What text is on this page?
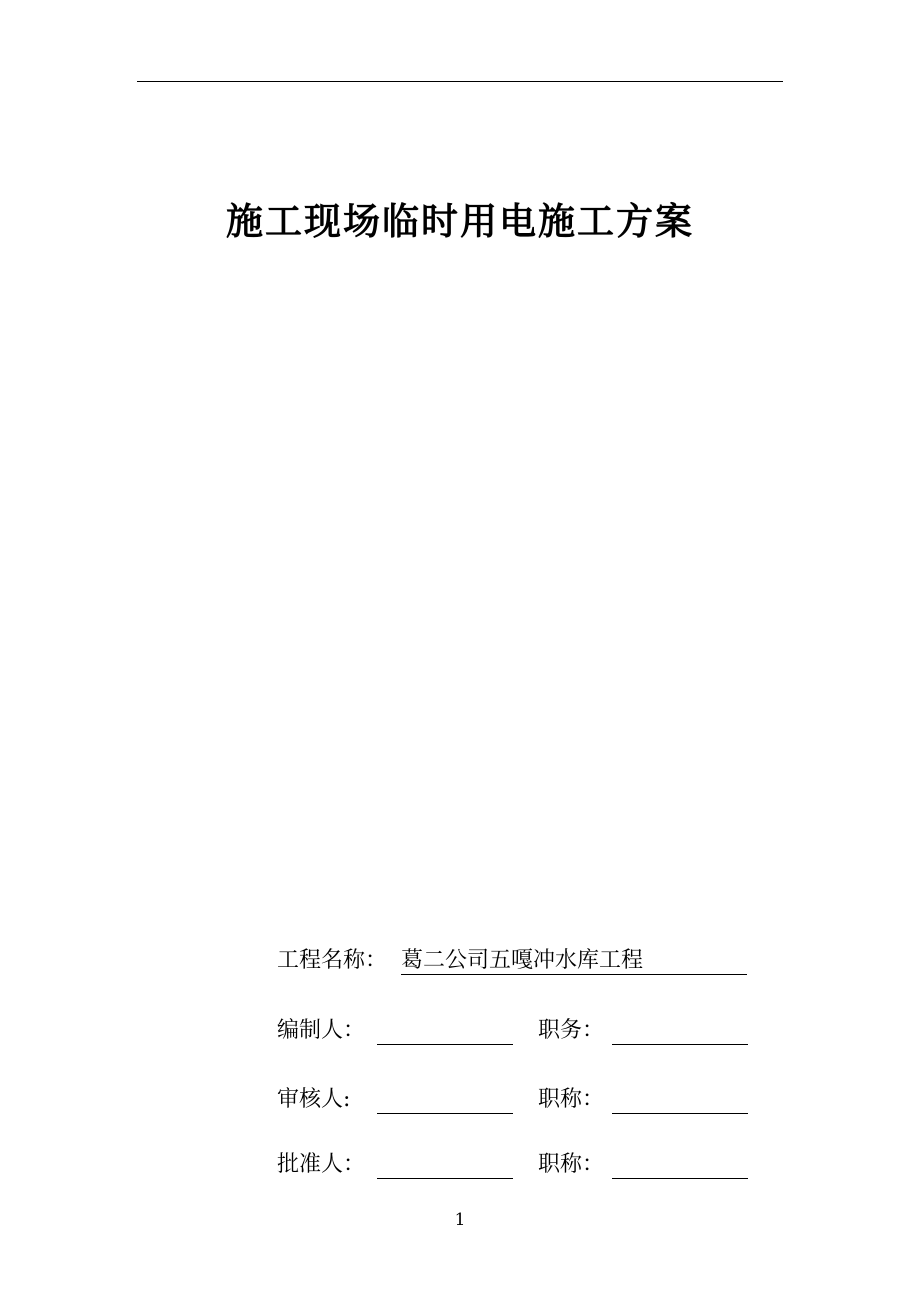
施工现场临时用电施工方案
工程名称： 葛二公司五嘎冲水库工程
编制人：	职务：
审核人:	职称：
批准人：	职称：
1
